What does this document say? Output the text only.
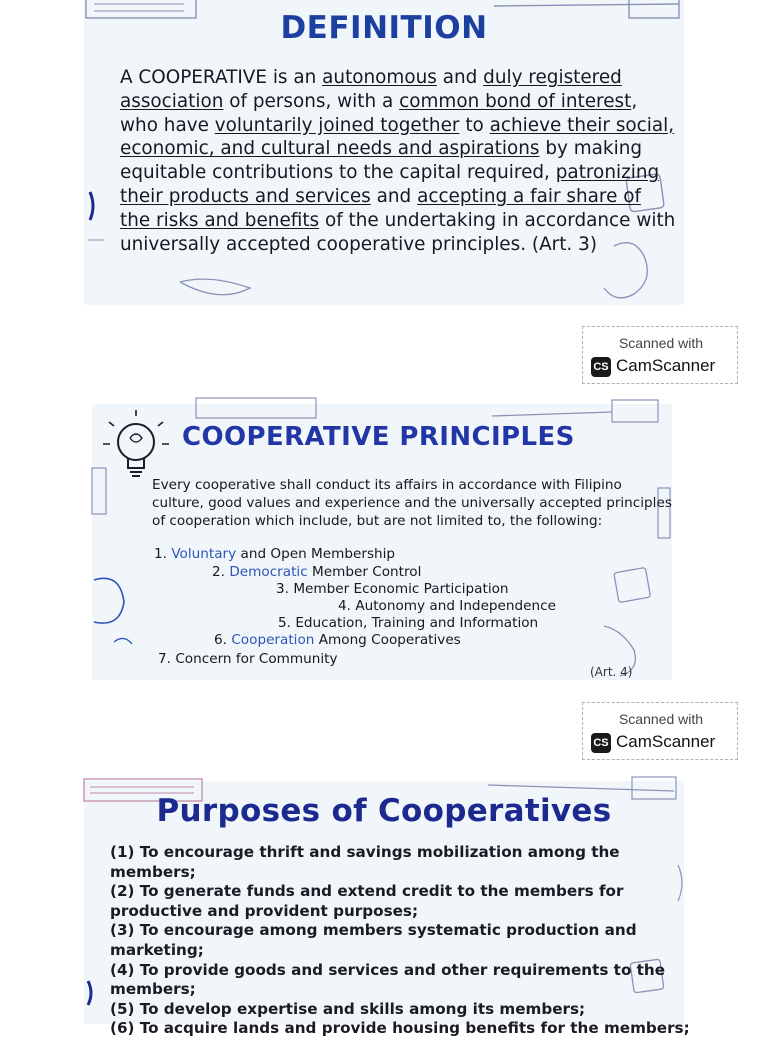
DEFINITION
A COOPERATIVE is an autonomous and duly registered association of persons, with a common bond of interest, who have voluntarily joined together to achieve their social, economic, and cultural needs and aspirations by making equitable contributions to the capital required, patronizing their products and services and accepting a fair share of the risks and benefits of the undertaking in accordance with universally accepted cooperative principles. (Art. 3)
Scanned with
CS CamScanner
COOPERATIVE PRINCIPLES
Every cooperative shall conduct its affairs in accordance with Filipino culture, good values and experience and the universally accepted principles of cooperation which include, but are not limited to, the following:
1. Voluntary and Open Membership
2. Democratic Member Control
3. Member Economic Participation
4. Autonomy and Independence
5. Education, Training and Information
6. Cooperation Among Cooperatives
7. Concern for Community
(Art. 4)
Scanned with
CS CamScanner
Purposes of Cooperatives
(1) To encourage thrift and savings mobilization among the members;
(2) To generate funds and extend credit to the members for productive and provident purposes;
(3) To encourage among members systematic production and marketing;
(4) To provide goods and services and other requirements to the members;
(5) To develop expertise and skills among its members;
(6) To acquire lands and provide housing benefits for the members;
